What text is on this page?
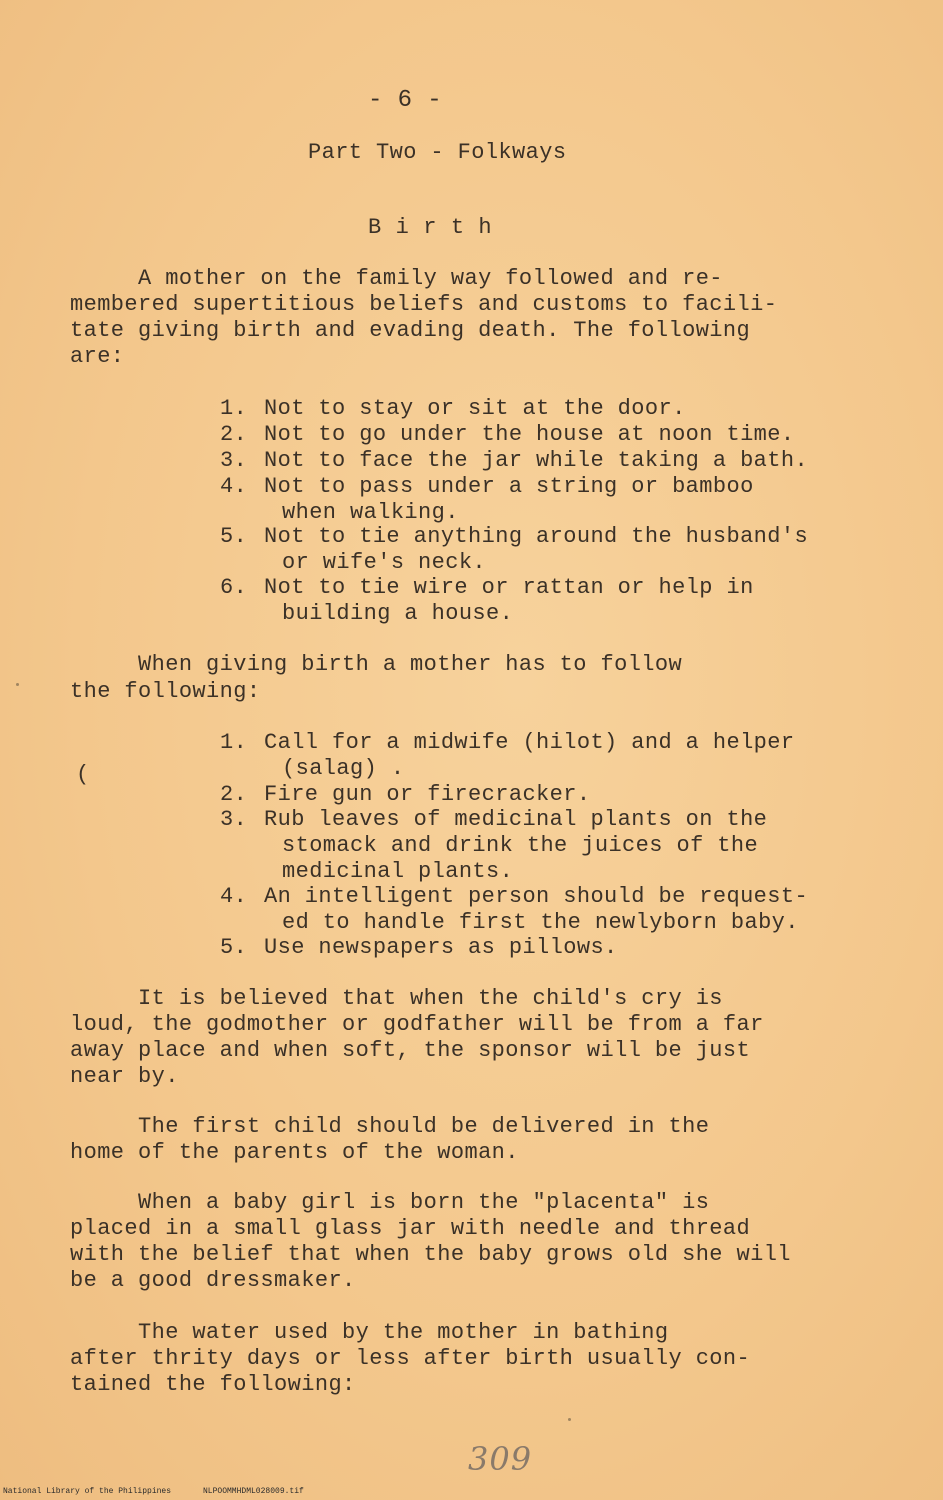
- 6 -
Part Two - Folkways
B i r t h
A mother on the family way followed and re-
membered supertitious beliefs and customs to facili-
tate giving birth and evading death. The following
are:
1. Not to stay or sit at the door.
2. Not to go under the house at noon time.
3. Not to face the jar while taking a bath.
4. Not to pass under a string or bamboo
when walking.
5. Not to tie anything around the husband's
or wife's neck.
6. Not to tie wire or rattan or help in
building a house.
When giving birth a mother has to follow
the following:
1. Call for a midwife (hilot) and a helper
(salag) .
2. Fire gun or firecracker.
3. Rub leaves of medicinal plants on the
stomack and drink the juices of the
medicinal plants.
4. An intelligent person should be request-
ed to handle first the newlyborn baby.
5. Use newspapers as pillows.
(
It is believed that when the child's cry is
loud, the godmother or godfather will be from a far
away place and when soft, the sponsor will be just
near by.
The first child should be delivered in the
home of the parents of the woman.
When a baby girl is born the "placenta" is
placed in a small glass jar with needle and thread
with the belief that when the baby grows old she will
be a good dressmaker.
The water used by the mother in bathing
after thrity days or less after birth usually con-
tained the following:
309
National Library of the Philippines	NLPOOMMHDML028009.tif
